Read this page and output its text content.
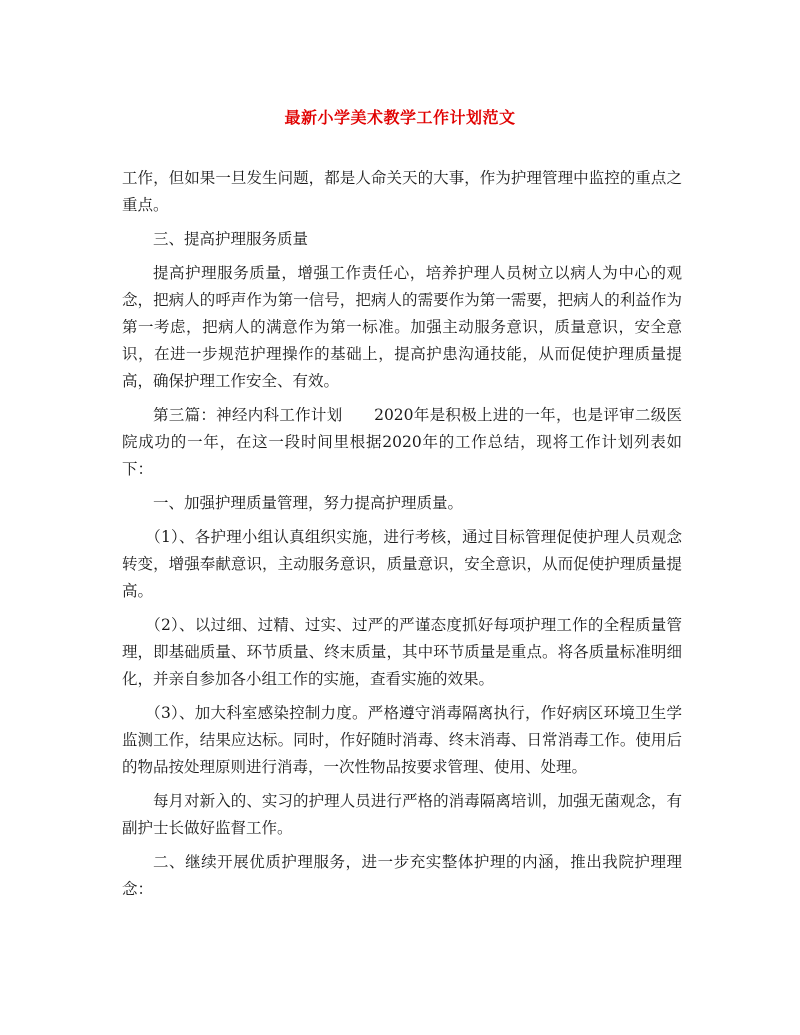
最新小学美术教学工作计划范文

工作，但如果一旦发生问题，都是人命关天的大事，作为护理管理中监控的重点之重点。

三、提高护理服务质量

提高护理服务质量，增强工作责任心，培养护理人员树立以病人为中心的观念，把病人的呼声作为第一信号，把病人的需要作为第一需要，把病人的利益作为第一考虑，把病人的满意作为第一标准。加强主动服务意识，质量意识，安全意识，在进一步规范护理操作的基础上，提高护患沟通技能，从而促使护理质量提高，确保护理工作安全、有效。

第三篇：神经内科工作计划　　2020年是积极上进的一年，也是评审二级医院成功的一年，在这一段时间里根据2020年的工作总结，现将工作计划列表如下：

一、加强护理质量管理，努力提高护理质量。

（1）、各护理小组认真组织实施，进行考核，通过目标管理促使护理人员观念转变，增强奉献意识，主动服务意识，质量意识，安全意识，从而促使护理质量提高。

（2）、以过细、过精、过实、过严的严谨态度抓好每项护理工作的全程质量管理，即基础质量、环节质量、终末质量，其中环节质量是重点。将各质量标准明细化，并亲自参加各小组工作的实施，查看实施的效果。

（3）、加大科室感染控制力度。严格遵守消毒隔离执行，作好病区环境卫生学监测工作，结果应达标。同时，作好随时消毒、终末消毒、日常消毒工作。使用后的物品按处理原则进行消毒，一次性物品按要求管理、使用、处理。

每月对新入的、实习的护理人员进行严格的消毒隔离培训，加强无菌观念，有副护士长做好监督工作。

二、继续开展优质护理服务，进一步充实整体护理的内涵，推出我院护理理念：
